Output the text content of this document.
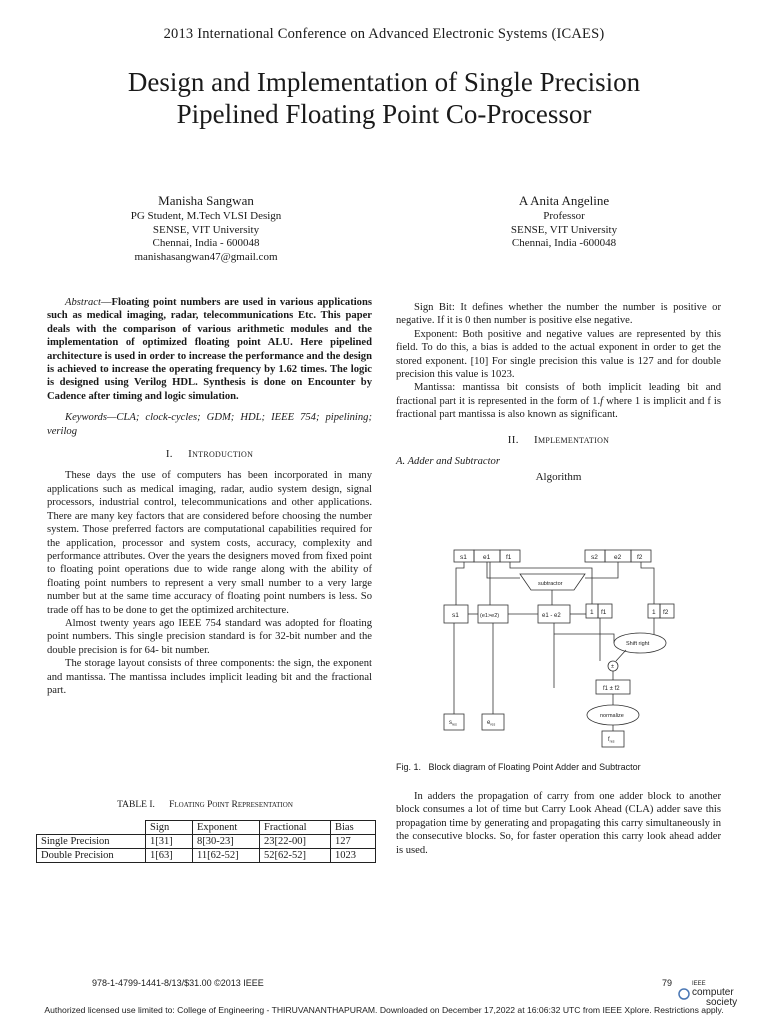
2013 International Conference on Advanced Electronic Systems (ICAES)
Design and Implementation of Single Precision
Pipelined Floating Point Co-Processor
Manisha Sangwan
PG Student, M.Tech VLSI Design
SENSE, VIT University
Chennai, India - 600048
manishasangwan47@gmail.com
A Anita Angeline
Professor
SENSE, VIT University
Chennai, India -600048

Abstract—Floating point numbers are used in various applications such as medical imaging, radar, telecommunications Etc. This paper deals with the comparison of various arithmetic modules and the implementation of optimized floating point ALU. Here pipelined architecture is used in order to increase the performance and the design is achieved to increase the operating frequency by 1.62 times. The logic is designed using Verilog HDL. Synthesis is done on Encounter by Cadence after timing and logic simulation.

Keywords—CLA; clock-cycles; GDM; HDL; IEEE 754; pipelining; verilog

I. Introduction

These days the use of computers has been incorporated in many applications such as medical imaging, radar, audio system design, signal processors, industrial control, telecommunications and other applications. There are many key factors that are considered before choosing the number system. Those preferred factors are computational capabilities required for the application, processor and system costs, accuracy, complexity and performance attributes. Over the years the designers moved from fixed point to floating point operations due to wide range along with the ability of floating point numbers to represent a very small number to a very large number but at the same time accuracy of floating point numbers is less. So trade off has to be done to get the optimized architecture.

Almost twenty years ago IEEE 754 standard was adopted for floating point numbers. This single precision standard is for 32-bit number and the double precision is for 64- bit number.

The storage layout consists of three components: the sign, the exponent and mantissa. The mantissa includes implicit leading bit and the fractional part.

TABLE I. Floating Point Representation
	Sign	Exponent	Fractional	Bias
Single Precision	1[31]	8[30-23]	23[22-00]	127
Double Precision	1[63]	11[62-52]	52[62-52]	1023

Sign Bit: It defines whether the number the number is positive or negative. If it is 0 then number is positive else negative.

Exponent: Both positive and negative values are represented by this field. To do this, a bias is added to the actual exponent in order to get the stored exponent. [10] For single precision this value is 127 and for double precision this value is 1023.

Mantissa: mantissa bit consists of both implicit leading bit and fractional part it is represented in the form of 1.f where 1 is implicit and f is fractional part mantissa is also known as significant.

II. Implementation

A. Adder and Subtractor

Algorithm

s1 e1 f1	s2 e2 f2
subtractor
s1	(e1>e2)	e1 - e2	1 f1	1 f2
Shift right
±
f1 ± f2
normalize
$s_{res}$	$e_{res}$
$f_{res}$
Fig. 1. Block diagram of Floating Point Adder and Subtractor

In adders the propagation of carry from one adder block to another block consumes a lot of time but Carry Look Ahead (CLA) adder save this propagation time by generating and propagating this carry simultaneously in the consecutive blocks. So, for faster operation this carry look ahead adder is used.

978-1-4799-1441-8/13/$31.00 ©2013 IEEE	79	IEEE
computer
society
Authorized licensed use limited to: College of Engineering - THIRUVANANTHAPURAM. Downloaded on December 17,2022 at 16:06:32 UTC from IEEE Xplore. Restrictions apply.
